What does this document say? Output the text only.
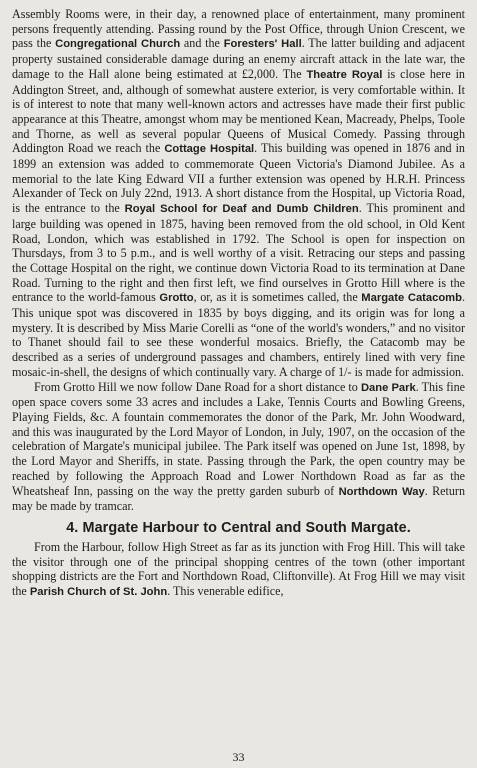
Assembly Rooms were, in their day, a renowned place of entertainment, many prominent persons frequently attending. Passing round by the Post Office, through Union Crescent, we pass the Congregational Church and the Foresters' Hall. The latter building and adjacent property sustained considerable damage during an enemy aircraft attack in the late war, the damage to the Hall alone being estimated at £2,000. The Theatre Royal is close here in Addington Street, and, although of somewhat austere exterior, is very comfortable within. It is of interest to note that many well-known actors and actresses have made their first public appearance at this Theatre, amongst whom may be mentioned Kean, Macready, Phelps, Toole and Thorne, as well as several popular Queens of Musical Comedy. Passing through Addington Road we reach the Cottage Hospital. This building was opened in 1876 and in 1899 an extension was added to commemorate Queen Victoria's Diamond Jubilee. As a memorial to the late King Edward VII a further extension was opened by H.R.H. Princess Alexander of Teck on July 22nd, 1913. A short distance from the Hospital, up Victoria Road, is the entrance to the Royal School for Deaf and Dumb Children. This prominent and large building was opened in 1875, having been removed from the old school, in Old Kent Road, London, which was established in 1792. The School is open for inspection on Thursdays, from 3 to 5 p.m., and is well worthy of a visit. Retracing our steps and passing the Cottage Hospital on the right, we continue down Victoria Road to its termination at Dane Road. Turning to the right and then first left, we find ourselves in Grotto Hill where is the entrance to the world-famous Grotto, or, as it is sometimes called, the Margate Catacomb. This unique spot was discovered in 1835 by boys digging, and its origin was for long a mystery. It is described by Miss Marie Corelli as “one of the world's wonders,” and no visitor to Thanet should fail to see these wonderful mosaics. Briefly, the Catacomb may be described as a series of underground passages and chambers, entirely lined with very fine mosaic-in-shell, the designs of which continually vary. A charge of 1/- is made for admission.

From Grotto Hill we now follow Dane Road for a short distance to Dane Park. This fine open space covers some 33 acres and includes a Lake, Tennis Courts and Bowling Greens, Playing Fields, &c. A fountain commemorates the donor of the Park, Mr. John Woodward, and this was inaugurated by the Lord Mayor of London, in July, 1907, on the occasion of the celebration of Margate's municipal jubilee. The Park itself was opened on June 1st, 1898, by the Lord Mayor and Sheriffs, in state. Passing through the Park, the open country may be reached by following the Approach Road and Lower Northdown Road as far as the Wheatsheaf Inn, passing on the way the pretty garden suburb of Northdown Way. Return may be made by tramcar.

4. Margate Harbour to Central and South Margate.

From the Harbour, follow High Street as far as its junction with Frog Hill. This will take the visitor through one of the principal shopping centres of the town (other important shopping districts are the Fort and Northdown Road, Cliftonville). At Frog Hill we may visit the Parish Church of St. John. This venerable edifice,

33
